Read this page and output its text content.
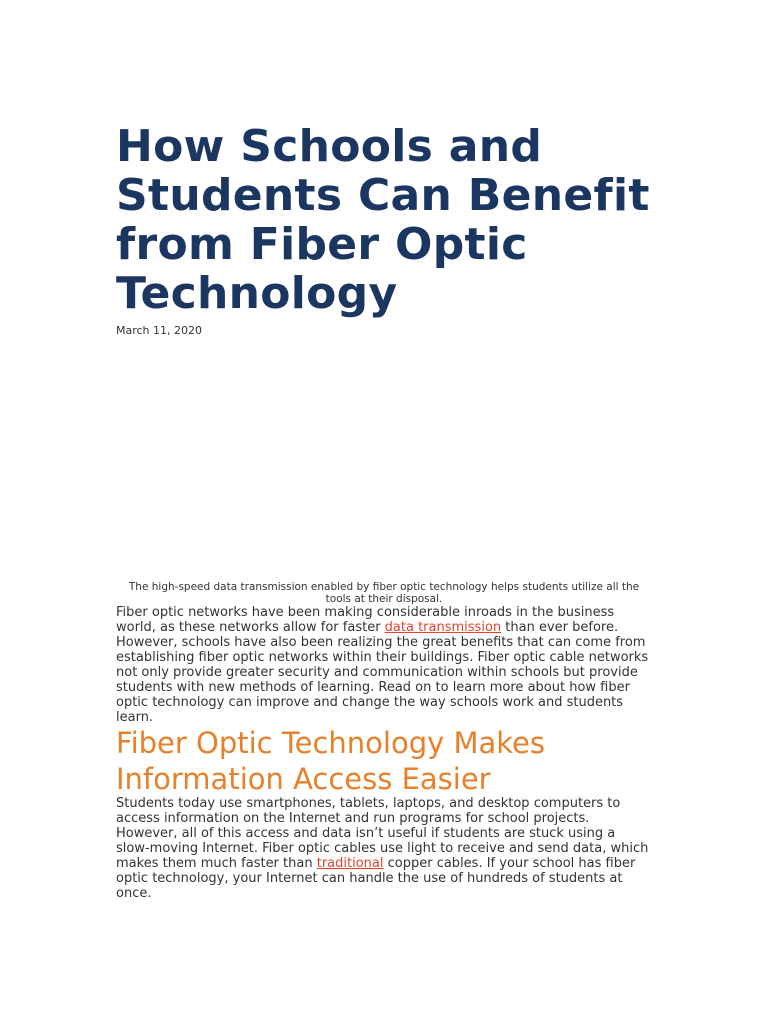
How Schools and Students Can Benefit from Fiber Optic Technology
March 11, 2020
The high-speed data transmission enabled by fiber optic technology helps students utilize all the tools at their disposal.

Fiber optic networks have been making considerable inroads in the business world, as these networks allow for faster data transmission than ever before. However, schools have also been realizing the great benefits that can come from establishing fiber optic networks within their buildings. Fiber optic cable networks not only provide greater security and communication within schools but provide students with new methods of learning. Read on to learn more about how fiber optic technology can improve and change the way schools work and students learn.

Fiber Optic Technology Makes Information Access Easier

Students today use smartphones, tablets, laptops, and desktop computers to access information on the Internet and run programs for school projects. However, all of this access and data isn’t useful if students are stuck using a slow-moving Internet. Fiber optic cables use light to receive and send data, which makes them much faster than traditional copper cables. If your school has fiber optic technology, your Internet can handle the use of hundreds of students at once.
